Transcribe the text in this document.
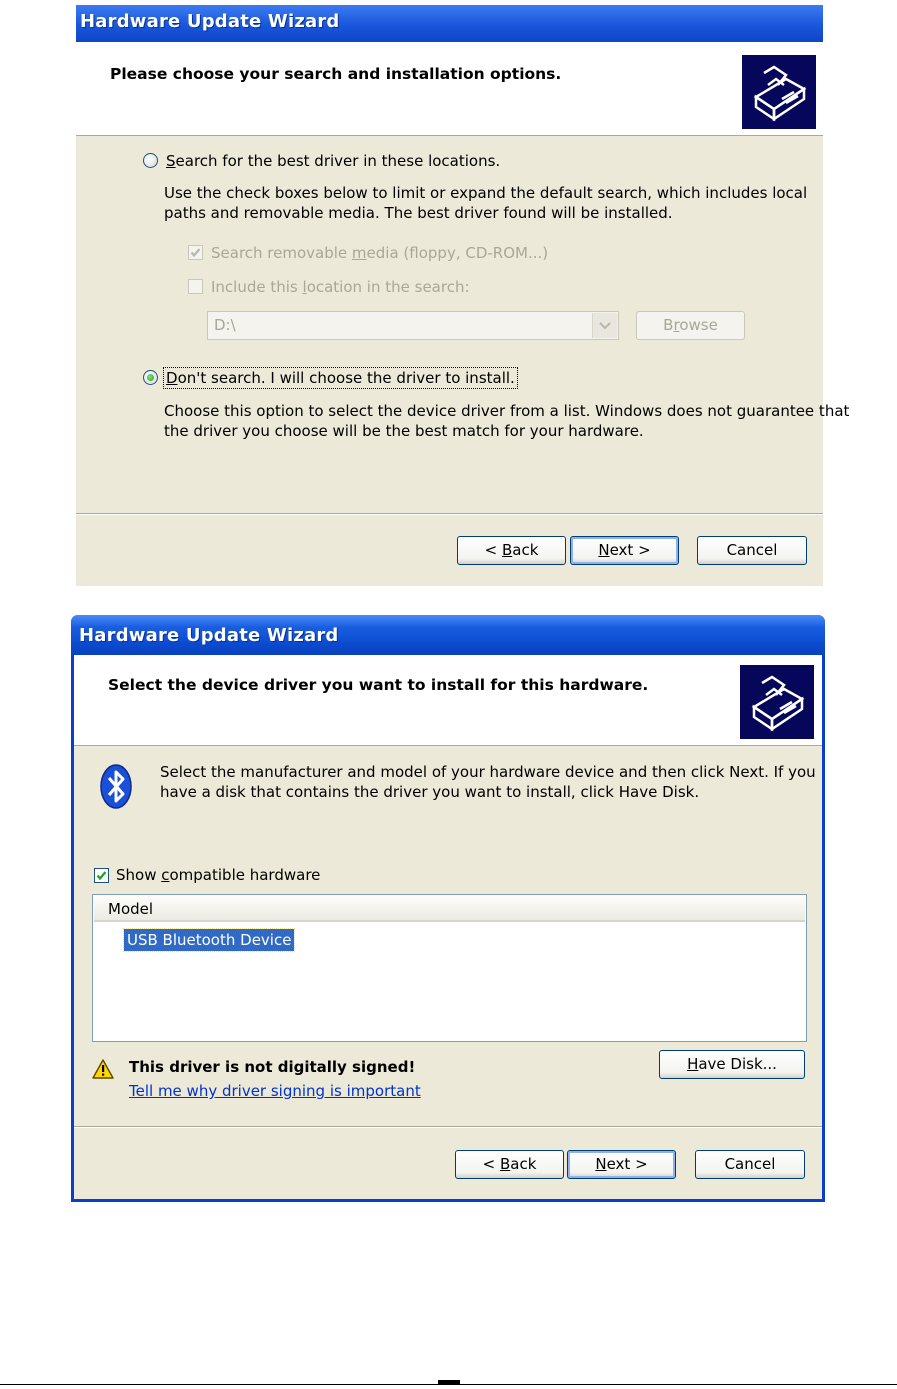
Hardware Update Wizard
Please choose your search and installation options.
Search for the best driver in these locations.
Use the check boxes below to limit or expand the default search, which includes local
paths and removable media. The best driver found will be installed.
Search removable media (floppy, CD-ROM...)
Include this location in the search:
D:\	Browse
Don't search. I will choose the driver to install.
Choose this option to select the device driver from a list. Windows does not guarantee that
the driver you choose will be the best match for your hardware.
< Back	Next >	Cancel
Hardware Update Wizard
Select the device driver you want to install for this hardware.
Select the manufacturer and model of your hardware device and then click Next. If you
have a disk that contains the driver you want to install, click Have Disk.
Show compatible hardware
Model
USB Bluetooth Device
This driver is not digitally signed!
Tell me why driver signing is important
Have Disk...
< Back	Next >	Cancel
